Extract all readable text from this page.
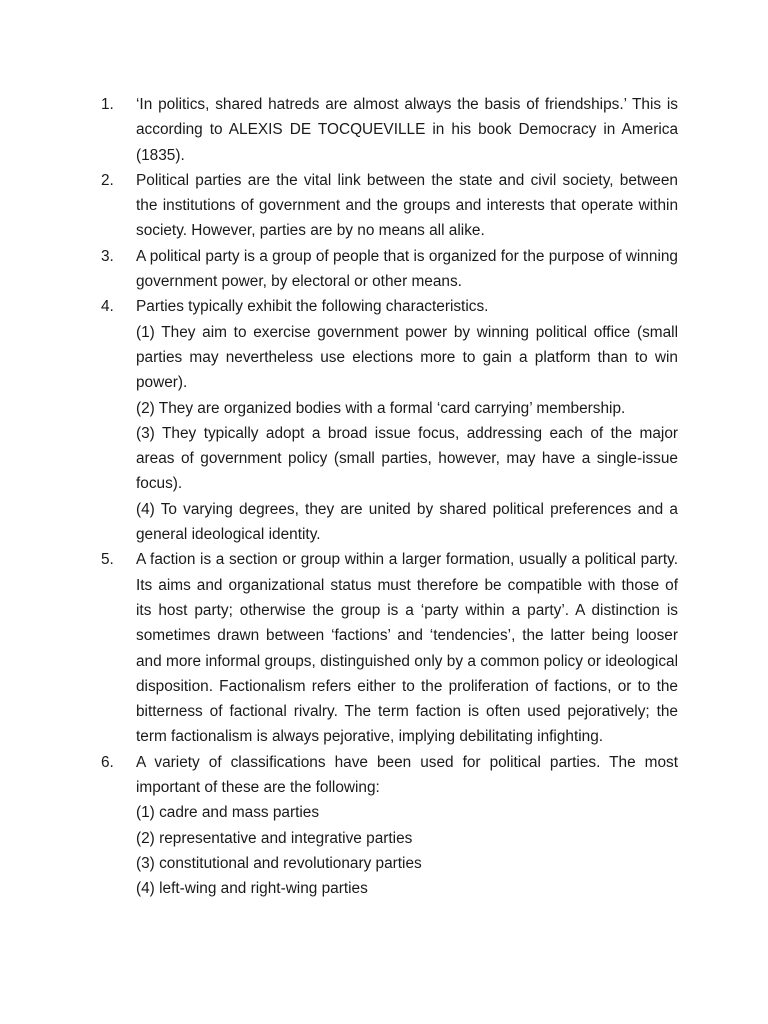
1.	‘In politics, shared hatreds are almost always the basis of friendships.’ This is according to ALEXIS DE TOCQUEVILLE in his book Democracy in America (1835).
2.	Political parties are the vital link between the state and civil society, between the institutions of government and the groups and interests that operate within society. However, parties are by no means all alike.
3.	A political party is a group of people that is organized for the purpose of winning government power, by electoral or other means.
4.	Parties typically exhibit the following characteristics.
(1) They aim to exercise government power by winning political office (small parties may nevertheless use elections more to gain a platform than to win power).
(2) They are organized bodies with a formal ‘card carrying’ membership.
(3) They typically adopt a broad issue focus, addressing each of the major areas of government policy (small parties, however, may have a single-issue focus).
(4) To varying degrees, they are united by shared political preferences and a general ideological identity.
5.	A faction is a section or group within a larger formation, usually a political party. Its aims and organizational status must therefore be compatible with those of its host party; otherwise the group is a ‘party within a party’. A distinction is sometimes drawn between ‘factions’ and ‘tendencies’, the latter being looser and more informal groups, distinguished only by a common policy or ideological disposition. Factionalism refers either to the proliferation of factions, or to the bitterness of factional rivalry. The term faction is often used pejoratively; the term factionalism is always pejorative, implying debilitating infighting.
6.	A variety of classifications have been used for political parties. The most important of these are the following:
(1) cadre and mass parties
(2) representative and integrative parties
(3) constitutional and revolutionary parties
(4) left-wing and right-wing parties
